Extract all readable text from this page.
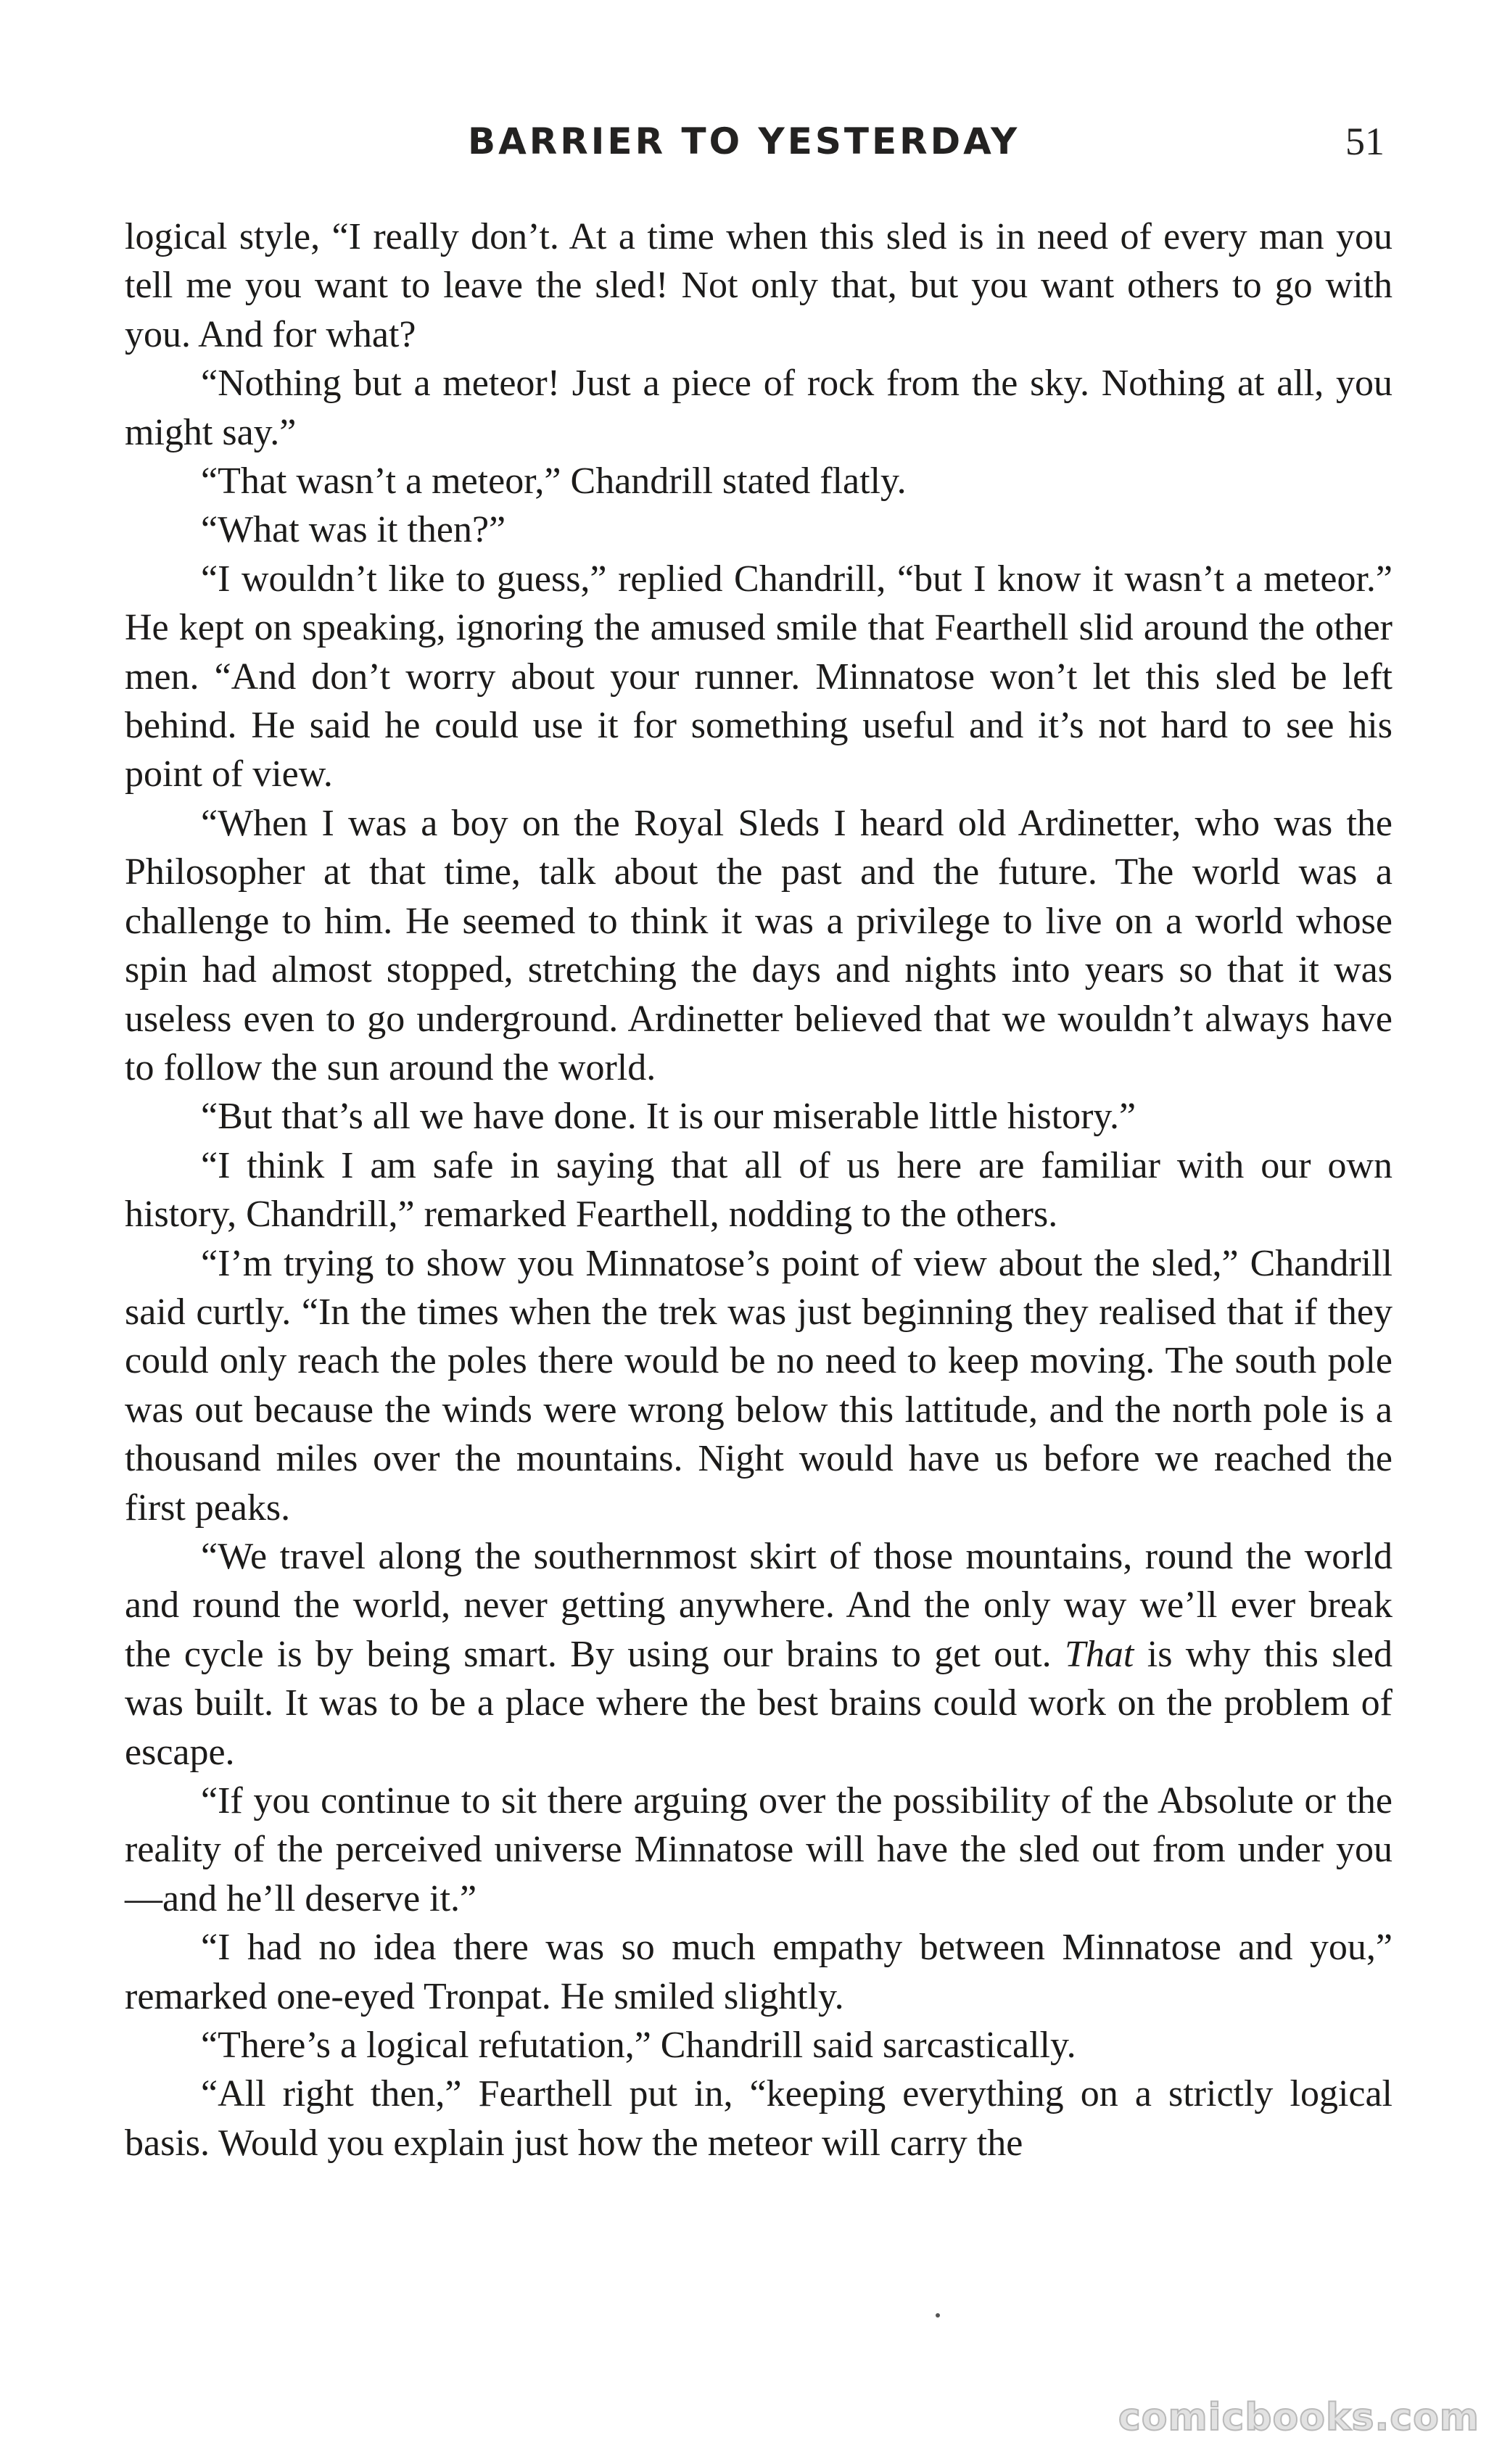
BARRIER TO YESTERDAY	51

logical style, “I really don’t. At a time when this sled is in need of every man you tell me you want to leave the sled! Not only that, but you want others to go with you. And for what?

“Nothing but a meteor! Just a piece of rock from the sky. Nothing at all, you might say.”

“That wasn’t a meteor,” Chandrill stated flatly.

“What was it then?”

“I wouldn’t like to guess,” replied Chandrill, “but I know it wasn’t a meteor.” He kept on speaking, ignoring the amused smile that Fearthell slid around the other men. “And don’t worry about your runner. Minnatose won’t let this sled be left behind. He said he could use it for something useful and it’s not hard to see his point of view.

“When I was a boy on the Royal Sleds I heard old Ardinetter, who was the Philosopher at that time, talk about the past and the future. The world was a challenge to him. He seemed to think it was a privilege to live on a world whose spin had almost stopped, stretching the days and nights into years so that it was useless even to go underground. Ardinetter believed that we wouldn’t always have to follow the sun around the world.

“But that’s all we have done. It is our miserable little history.”

“I think I am safe in saying that all of us here are familiar with our own history, Chandrill,” remarked Fearthell, nodding to the others.

“I’m trying to show you Minnatose’s point of view about the sled,” Chandrill said curtly. “In the times when the trek was just beginning they realised that if they could only reach the poles there would be no need to keep moving. The south pole was out because the winds were wrong below this lattitude, and the north pole is a thousand miles over the mountains. Night would have us before we reached the first peaks.

“We travel along the southernmost skirt of those mountains, round the world and round the world, never getting anywhere. And the only way we’ll ever break the cycle is by being smart. By using our brains to get out. That is why this sled was built. It was to be a place where the best brains could work on the problem of escape.

“If you continue to sit there arguing over the possibility of the Absolute or the reality of the perceived universe Minnatose will have the sled out from under you—and he’ll deserve it.”

“I had no idea there was so much empathy between Minnatose and you,” remarked one-eyed Tronpat. He smiled slightly.

“There’s a logical refutation,” Chandrill said sarcastically.

“All right then,” Fearthell put in, “keeping everything on a strictly logical basis. Would you explain just how the meteor will carry the

comicbooks.com
